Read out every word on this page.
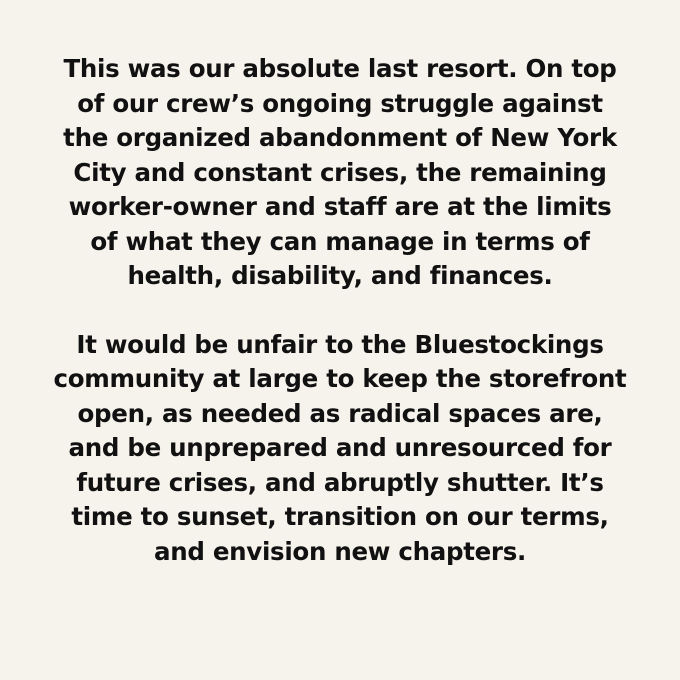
This was our absolute last resort. On top
of our crew’s ongoing struggle against
the organized abandonment of New York
City and constant crises, the remaining
worker-owner and staff are at the limits
of what they can manage in terms of
health, disability, and finances.

It would be unfair to the Bluestockings
community at large to keep the storefront
open, as needed as radical spaces are,
and be unprepared and unresourced for
future crises, and abruptly shutter. It’s
time to sunset, transition on our terms,
and envision new chapters.
